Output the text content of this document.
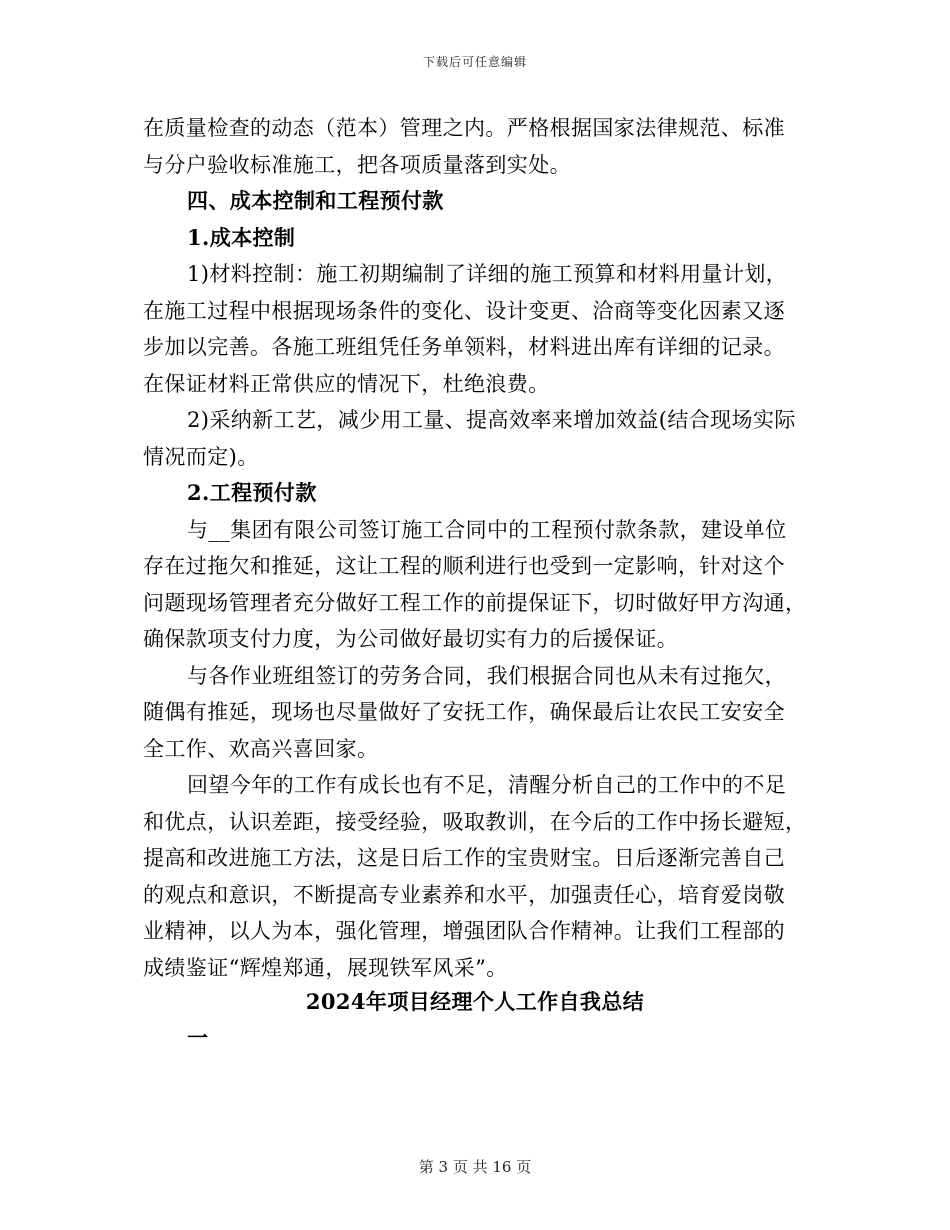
下载后可任意编辑
在质量检查的动态（范本）管理之内。严格根据国家法律规范、标准
与分户验收标准施工，把各项质量落到实处。
四、成本控制和工程预付款
1.成本控制
1)材料控制：施工初期编制了详细的施工预算和材料用量计划，
在施工过程中根据现场条件的变化、设计变更、洽商等变化因素又逐
步加以完善。各施工班组凭任务单领料，材料进出库有详细的记录。
在保证材料正常供应的情况下，杜绝浪费。
2)采纳新工艺，减少用工量、提高效率来增加效益(结合现场实际
情况而定)。
2.工程预付款
与__集团有限公司签订施工合同中的工程预付款条款，建设单位
存在过拖欠和推延，这让工程的顺利进行也受到一定影响，针对这个
问题现场管理者充分做好工程工作的前提保证下，切时做好甲方沟通，
确保款项支付力度，为公司做好最切实有力的后援保证。
与各作业班组签订的劳务合同，我们根据合同也从未有过拖欠，
随偶有推延，现场也尽量做好了安抚工作，确保最后让农民工安安全
全工作、欢高兴喜回家。
回望今年的工作有成长也有不足，清醒分析自己的工作中的不足
和优点，认识差距，接受经验，吸取教训，在今后的工作中扬长避短，
提高和改进施工方法，这是日后工作的宝贵财宝。日后逐渐完善自己
的观点和意识，不断提高专业素养和水平，加强责任心，培育爱岗敬
业精神，以人为本，强化管理，增强团队合作精神。让我们工程部的
成绩鉴证“辉煌郑通，展现铁军风采”。
2024年项目经理个人工作自我总结
一
第 3 页 共 16 页
